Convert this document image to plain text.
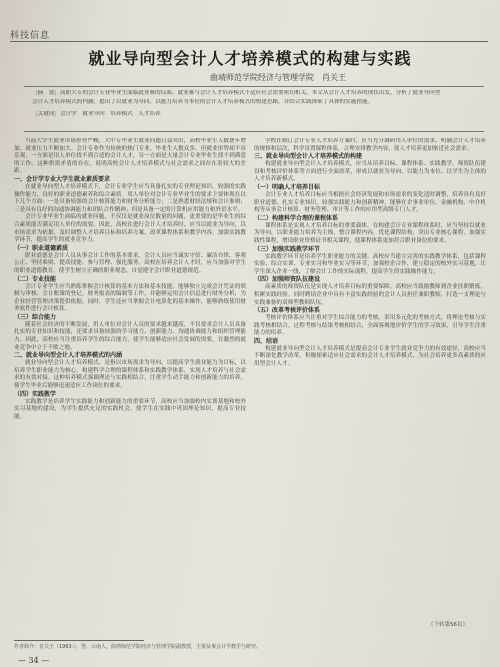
科技信息
就业导向型会计人才培养模式的构建与实践
曲靖师范学院经济与管理学院　肖关王
［摘　要］高职大专的会计专业毕业生面临就业难的局面，就业难与会计人才培养模式不适应社会需要密切相关。本文从会计人才培养的现状出发，分析了就业导向型
会计人才培养模式的内涵，提出了以就业为导向、以能力培养为本位的会计人才培养模式的构建思路，并结合实践探索了具体的实施措施。
［关键词］会计学　就业导向　培养模式　人才培养

当前大学生就业市场形势严峻，大中专毕业生就业问题日益突出，高校毕业生人数逐年增加，就业压力不断加大。会计专业作为传统的热门专业，毕业生人数众多，但就业形势却不容乐观，一方面是用人单位找不到合适的会计人才，另一方面是大量会计专业毕业生找不到满意的工作。这种供需矛盾的存在，说明高校会计人才培养模式与社会需求之间存在着较大的差距。

一、会计学专业大学生就业素质要求

在就业导向型人才培养模式下，会计专业学生应当具备扎实的专业理论知识、较强的实践操作能力、良好的职业道德素养和综合素质。用人单位对会计专业毕业生的要求主要体现在以下几个方面：一是具备较强的会计核算能力和财务分析能力；二是熟悉财经法规和会计准则；三是具有良好的沟通协调能力和团队合作精神；四是具备一定的计算机应用能力和外语水平。

会计专业毕业生面临的就业问题，不仅仅是就业岗位数量的问题，更重要的是毕业生的综合素质能否满足用人单位的需要。因此，高校在进行会计人才培养时，应当以就业为导向，以市场需求为依据，及时调整人才培养目标和培养方案，改革课程体系和教学内容，加强实践教学环节，提高学生的就业竞争力。

（一）职业道德素质

职业道德是会计人员从事会计工作的基本要求，会计人员应当诚实守信、廉洁自律、客观公正、坚持准则、提高技能、参与管理、强化服务。高校在培养会计人才时，应当加强对学生的职业道德教育，使学生树立正确的职业观念，自觉遵守会计职业道德规范。

（二）专业技能

会计专业学生应当熟练掌握会计核算的基本方法和基本技能，能够独立完成会计凭证的填制与审核、会计账簿的登记、财务报表的编制等工作，并能够运用会计信息进行财务分析，为企业经营管理决策提供依据。同时，学生还应当掌握会计电算化的基本操作，能够熟练使用财务软件进行会计核算。

（三）综合能力

随着社会经济的不断发展，用人单位对会计人员的要求越来越高，不仅要求会计人员具备扎实的专业知识和技能，还要求具备较强的学习能力、创新能力、沟通协调能力和组织管理能力。因此，高校应当注重培养学生的综合能力，使学生能够适应社会发展的需要，在激烈的就业竞争中立于不败之地。

二、就业导向型会计人才培养模式的内涵

就业导向型会计人才培养模式，是指以市场需求为导向，以提高学生就业能力为目标，以培养学生职业能力为核心，构建科学合理的课程体系和实践教学体系，实现人才培养与社会需求的有效对接。这种培养模式强调理论与实践相结合，注重学生动手能力和创新能力的培养，使学生毕业后能够迅速适应工作岗位的要求。

（四）实践教学

实践教学是培养学生实践能力和创新能力的重要环节，高校应当加强校内实训基地和校外实习基地的建设，为学生提供充足的实践机会，使学生在实践中巩固理论知识，提高专业技能。

学校在制订会计专业人才培养方案时，应当充分调研用人单位的需求，明确会计人才培养的规格和层次，科学设置课程体系，合理安排教学内容，使人才培养更加贴近社会需求。

三、就业导向型会计人才培养模式的构建

构建就业导向型会计人才培养模式，应当从培养目标、课程体系、实践教学、师资队伍建设和考核评价体系等方面进行全面改革，形成以就业为导向、以能力为本位、以学生为主体的人才培养新模式。

（一）明确人才培养目标

会计专业人才培养目标应当根据社会经济发展和市场需求的变化适时调整，培养具有良好职业道德、扎实专业知识、较强实践能力和创新精神，能够在企事业单位、金融机构、中介机构等从事会计核算、财务管理、审计等工作的应用型高级专门人才。

（二）构建科学合理的课程体系

课程体系是实现人才培养目标的重要载体。在构建会计专业课程体系时，应当坚持以就业为导向，以职业能力培养为主线，整合课程内容，优化课程结构，突出专业核心课程，加强实践性课程，增设职业资格证书相关课程，使课程体系更加符合职业岗位的要求。

（三）加强实践教学环节

实践教学环节是培养学生职业能力的关键。高校应当建立完善的实践教学体系，包括课程实验、综合实训、专业实习和毕业实习等环节，加强校企合作，建立稳定的校外实习基地，让学生深入企业一线，了解会计工作的实际流程，提高学生的实践操作能力。

（四）加强师资队伍建设

高素质的师资队伍是实现人才培养目标的重要保障。高校应当鼓励教师到企业挂职锻炼，积累实践经验，同时聘请企业中具有丰富实践经验的会计人员担任兼职教师，打造一支理论与实践兼备的双师型教师队伍。

（五）改革考核评价体系

考核评价体系应当注重对学生综合能力的考核，采用多元化的考核方式，将理论考核与实践考核相结合，过程考核与结果考核相结合，全面客观地评价学生的学习效果，引导学生注重能力的培养。

四、结语

构建就业导向型会计人才培养模式是提高会计专业学生就业竞争力的有效途径，高校应当不断深化教学改革，积极探索适应社会需求的会计人才培养模式，为社会培养更多高素质的应用型会计人才。

（下转第56页）
作者简介：肖关王（1963-），男，云南人，曲靖师范学院经济与管理学院副教授，主要从事会计学教学与研究。
— 34 —
